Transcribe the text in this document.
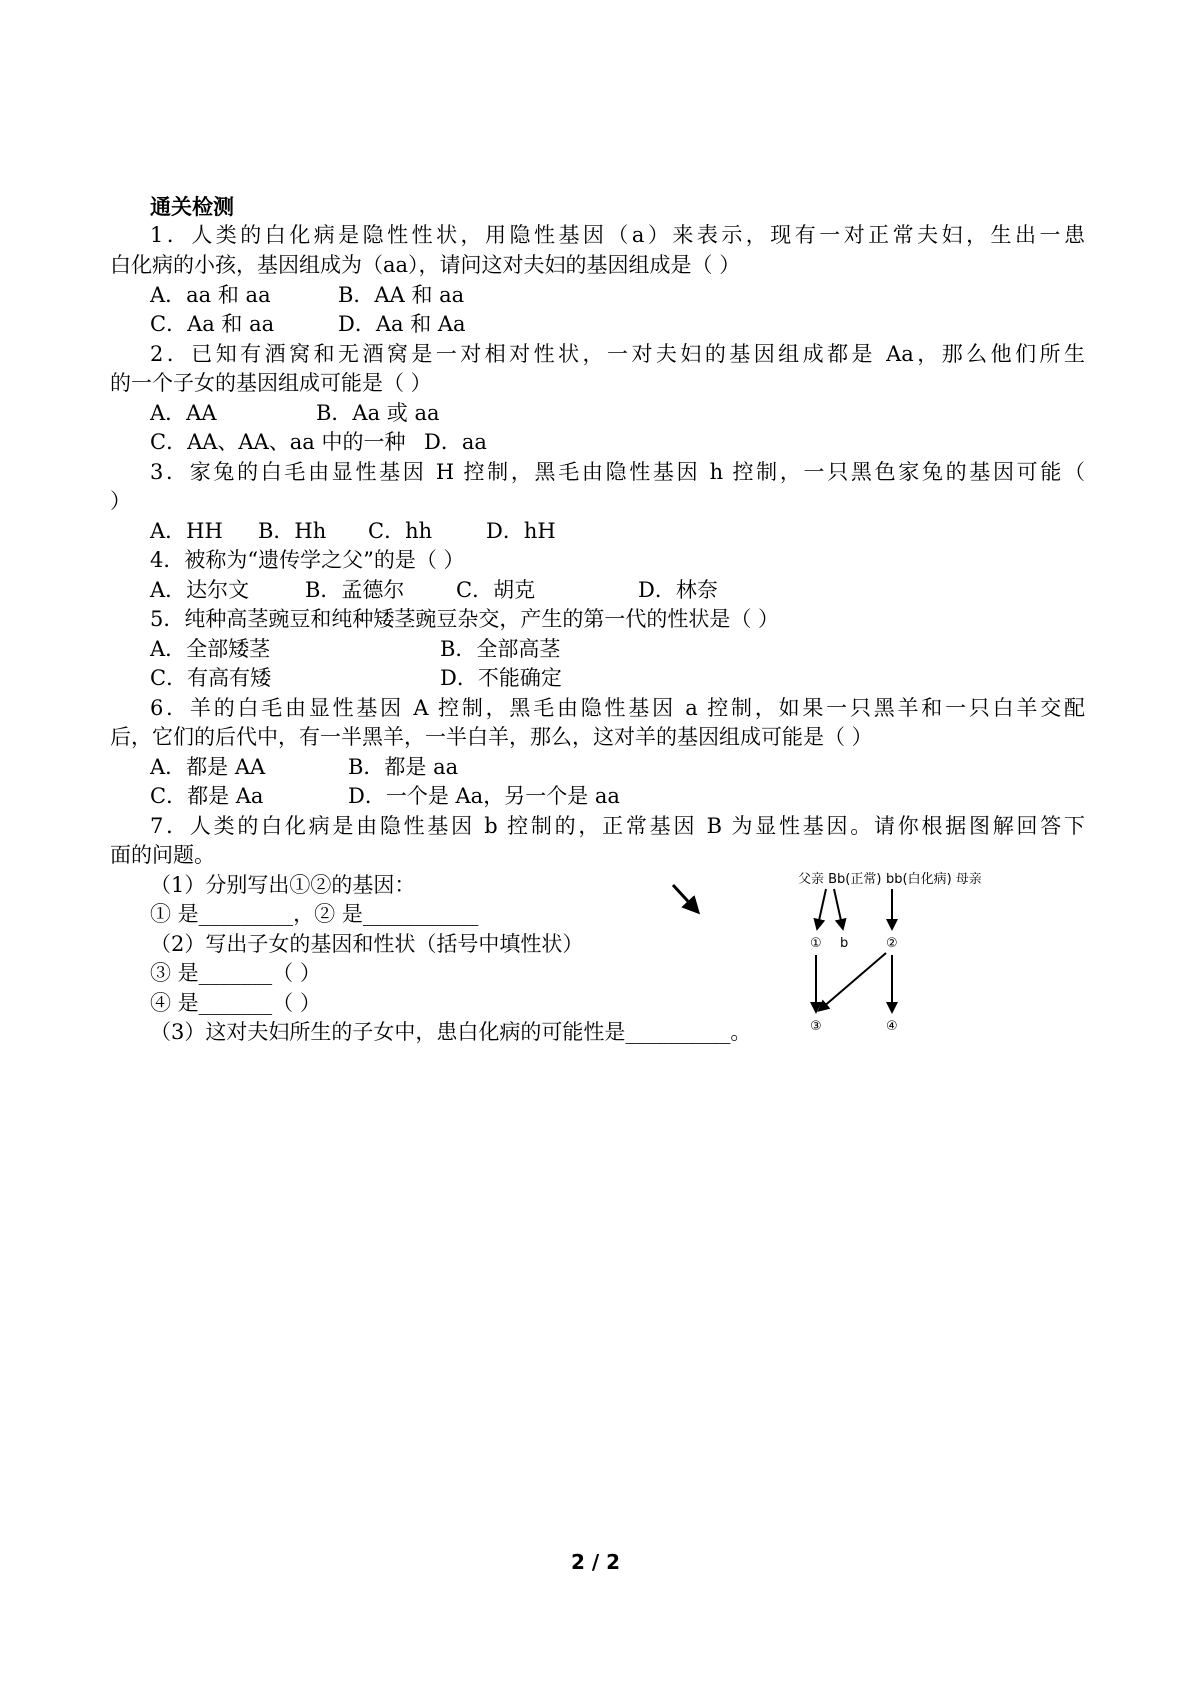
通关检测
1．人类的白化病是隐性性状，用隐性基因（a）来表示，现有一对正常夫妇，生出一患
白化病的小孩，基因组成为（aa），请问这对夫妇的基因组成是（ ）
A．aa 和 aa	B．AA 和 aa
C．Aa 和 aa	D．Aa 和 Aa
2．已知有酒窝和无酒窝是一对相对性状，一对夫妇的基因组成都是 Aa，那么他们所生
的一个子女的基因组成可能是（ ）
A．AA	B．Aa 或 aa
C．AA、AA、aa 中的一种 D．aa
3．家兔的白毛由显性基因 H 控制，黑毛由隐性基因 h 控制，一只黑色家兔的基因可能（
）
A．HH B．Hh C．hh	D．hH
4．被称为“遗传学之父”的是（ ）
A．达尔文	B．孟德尔 C．胡克	D．林奈
5．纯种高茎豌豆和纯种矮茎豌豆杂交，产生的第一代的性状是（ ）
A．全部矮茎	B．全部高茎
C．有高有矮	D．不能确定
6．羊的白毛由显性基因 A 控制，黑毛由隐性基因 a 控制，如果一只黑羊和一只白羊交配
后，它们的后代中，有一半黑羊，一半白羊，那么，这对羊的基因组成可能是（ ）
A．都是 AA	B．都是 aa
C．都是 Aa	D．一个是 Aa，另一个是 aa
7．人类的白化病是由隐性基因 b 控制的，正常基因 B 为显性基因。请你根据图解回答下
面的问题。
（1）分别写出①②的基因：
① 是_________，② 是___________
（2）写出子女的基因和性状（括号中填性状）
③ 是_______（ ）
④ 是_______（ ）
（3）这对夫妇所生的子女中，患白化病的可能性是__________。
父亲 Bb(正常) bb(白化病) 母亲
① b	②
③	④
2 / 2
